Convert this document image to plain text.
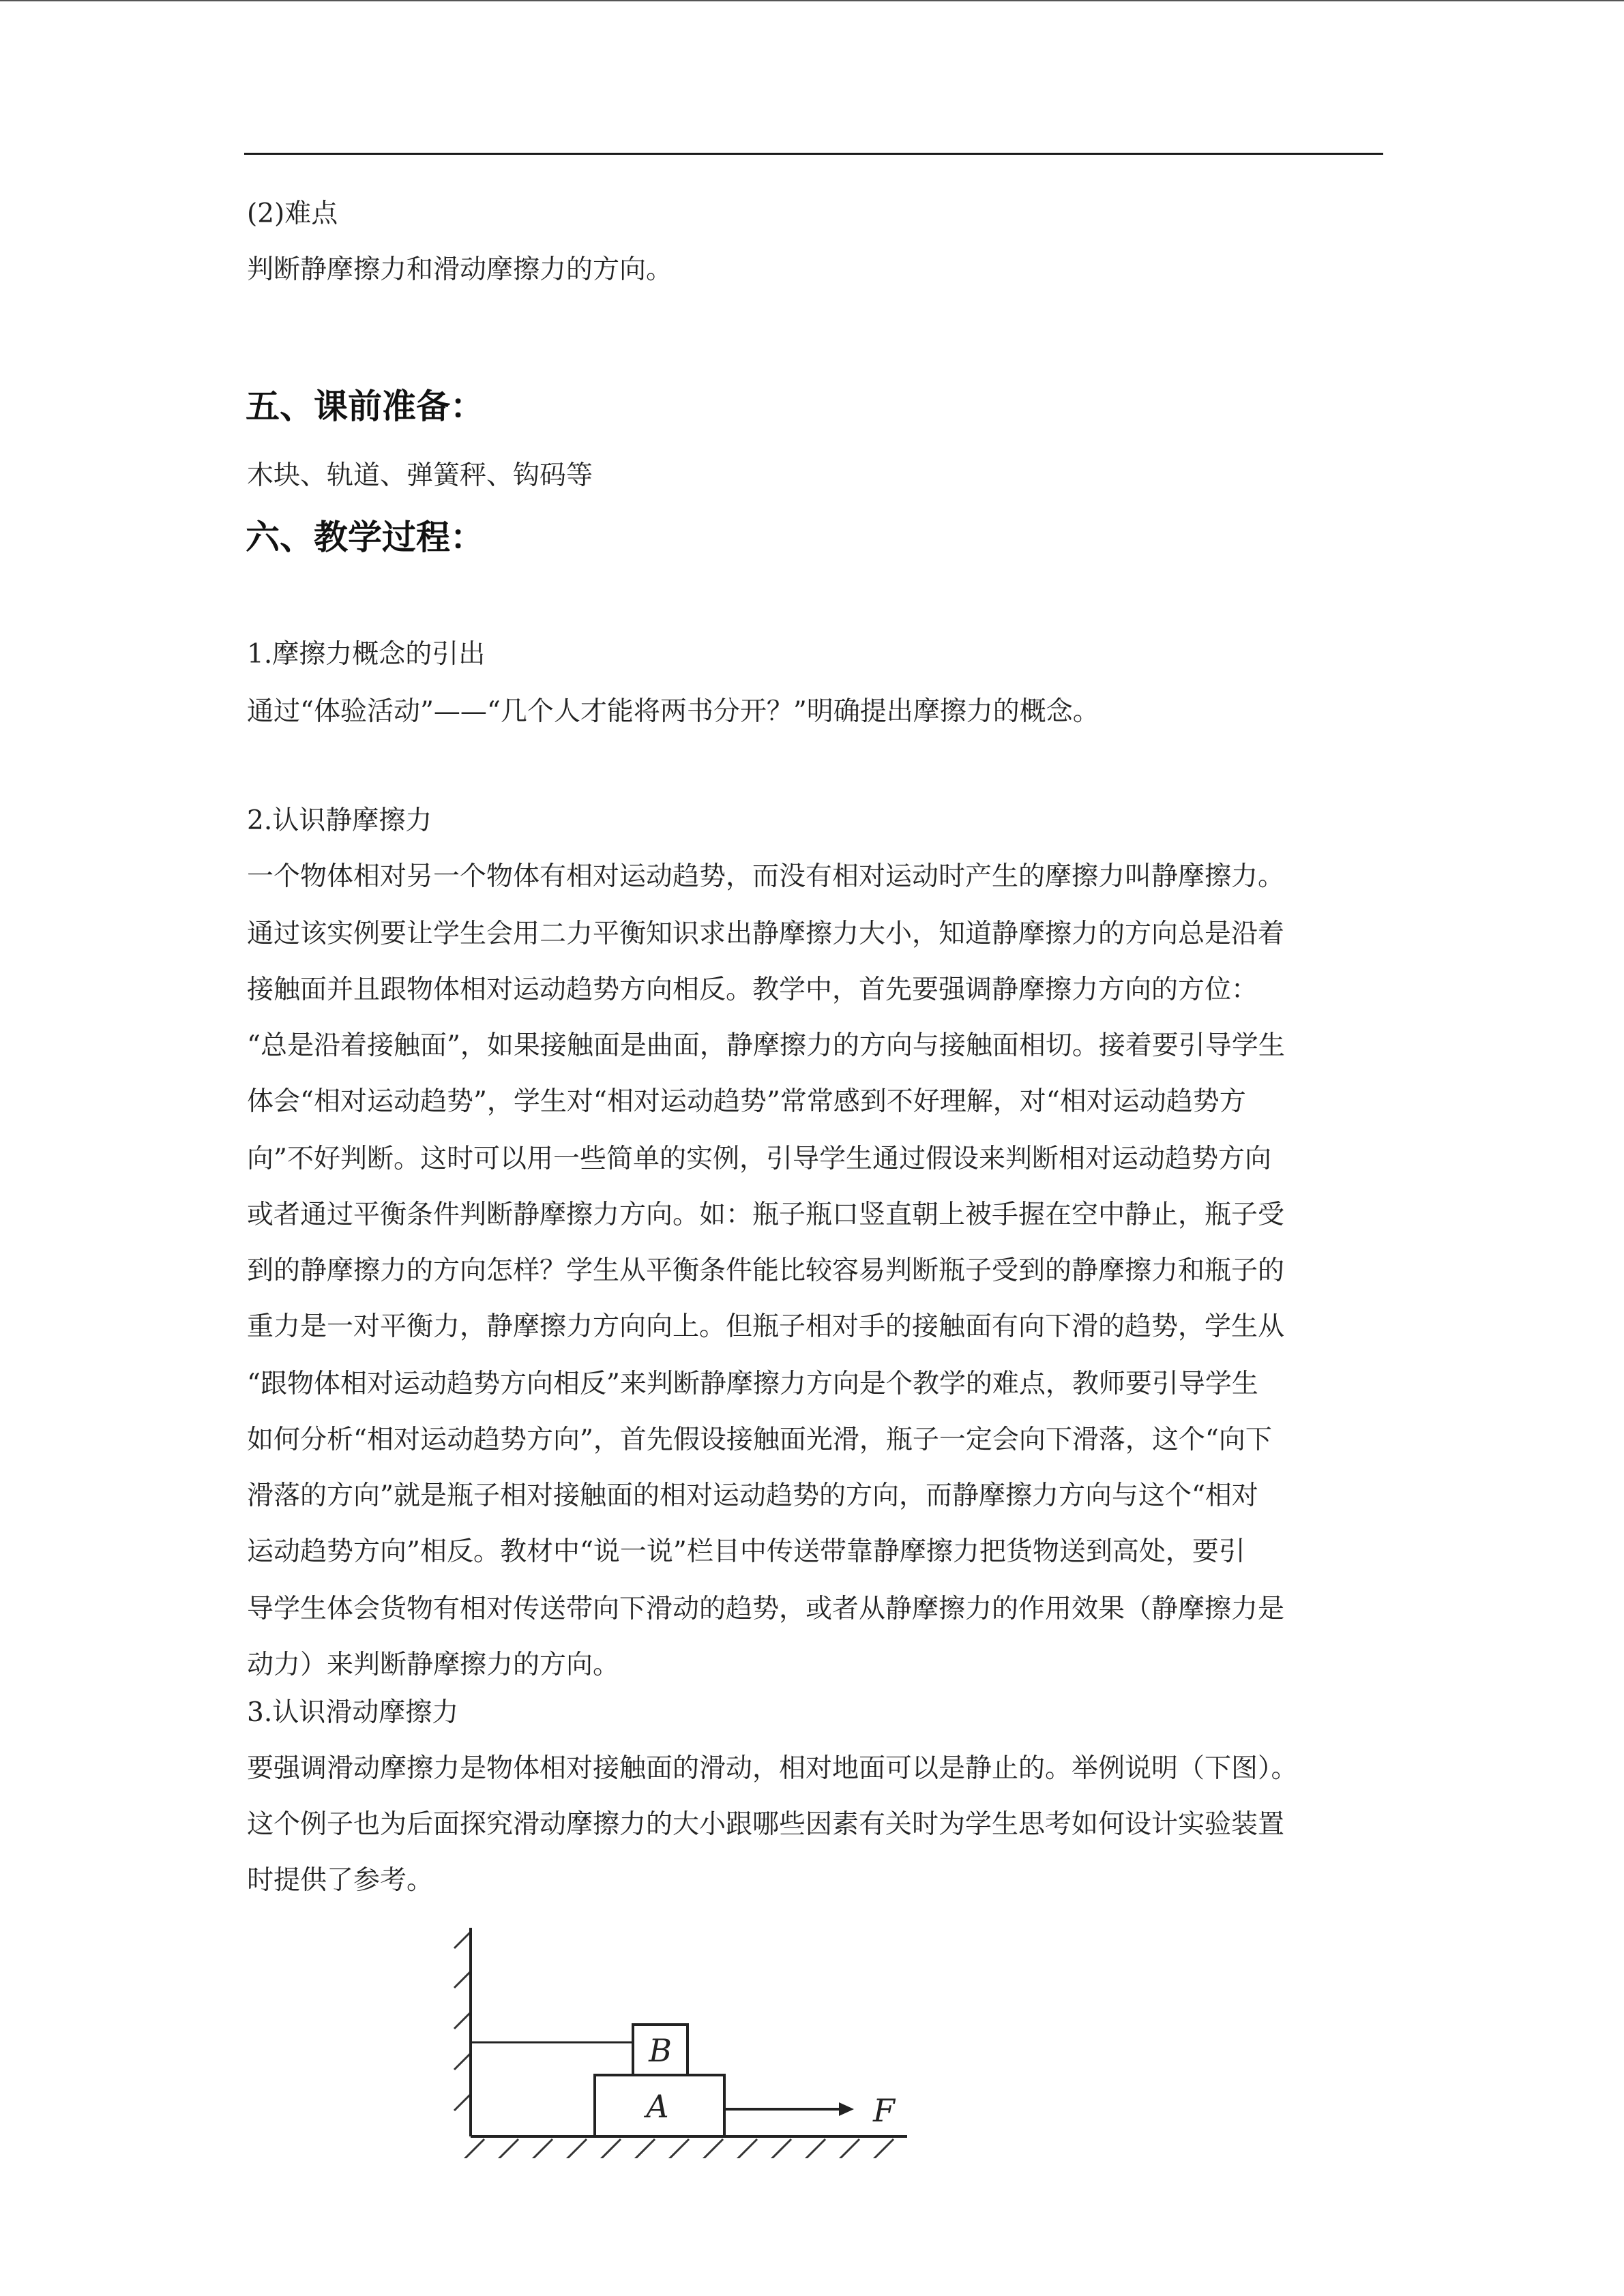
(2)难点
判断静摩擦力和滑动摩擦力的方向。
五、课前准备：
木块、轨道、弹簧秤、钩码等
六、教学过程：
1.摩擦力概念的引出
通过“体验活动”——“几个人才能将两书分开？”明确提出摩擦力的概念。
2.认识静摩擦力
一个物体相对另一个物体有相对运动趋势，而没有相对运动时产生的摩擦力叫静摩擦力。
通过该实例要让学生会用二力平衡知识求出静摩擦力大小，知道静摩擦力的方向总是沿着
接触面并且跟物体相对运动趋势方向相反。教学中，首先要强调静摩擦力方向的方位：
“总是沿着接触面”，如果接触面是曲面，静摩擦力的方向与接触面相切。接着要引导学生
体会“相对运动趋势”，学生对“相对运动趋势”常常感到不好理解，对“相对运动趋势方
向”不好判断。这时可以用一些简单的实例，引导学生通过假设来判断相对运动趋势方向
或者通过平衡条件判断静摩擦力方向。如：瓶子瓶口竖直朝上被手握在空中静止，瓶子受
到的静摩擦力的方向怎样？学生从平衡条件能比较容易判断瓶子受到的静摩擦力和瓶子的
重力是一对平衡力，静摩擦力方向向上。但瓶子相对手的接触面有向下滑的趋势，学生从
“跟物体相对运动趋势方向相反”来判断静摩擦力方向是个教学的难点，教师要引导学生
如何分析“相对运动趋势方向”，首先假设接触面光滑，瓶子一定会向下滑落，这个“向下
滑落的方向”就是瓶子相对接触面的相对运动趋势的方向，而静摩擦力方向与这个“相对
运动趋势方向”相反。教材中“说一说”栏目中传送带靠静摩擦力把货物送到高处，要引
导学生体会货物有相对传送带向下滑动的趋势，或者从静摩擦力的作用效果（静摩擦力是
动力）来判断静摩擦力的方向。
3.认识滑动摩擦力
要强调滑动摩擦力是物体相对接触面的滑动，相对地面可以是静止的。举例说明（下图）。
这个例子也为后面探究滑动摩擦力的大小跟哪些因素有关时为学生思考如何设计实验装置
时提供了参考。
B
A	F
